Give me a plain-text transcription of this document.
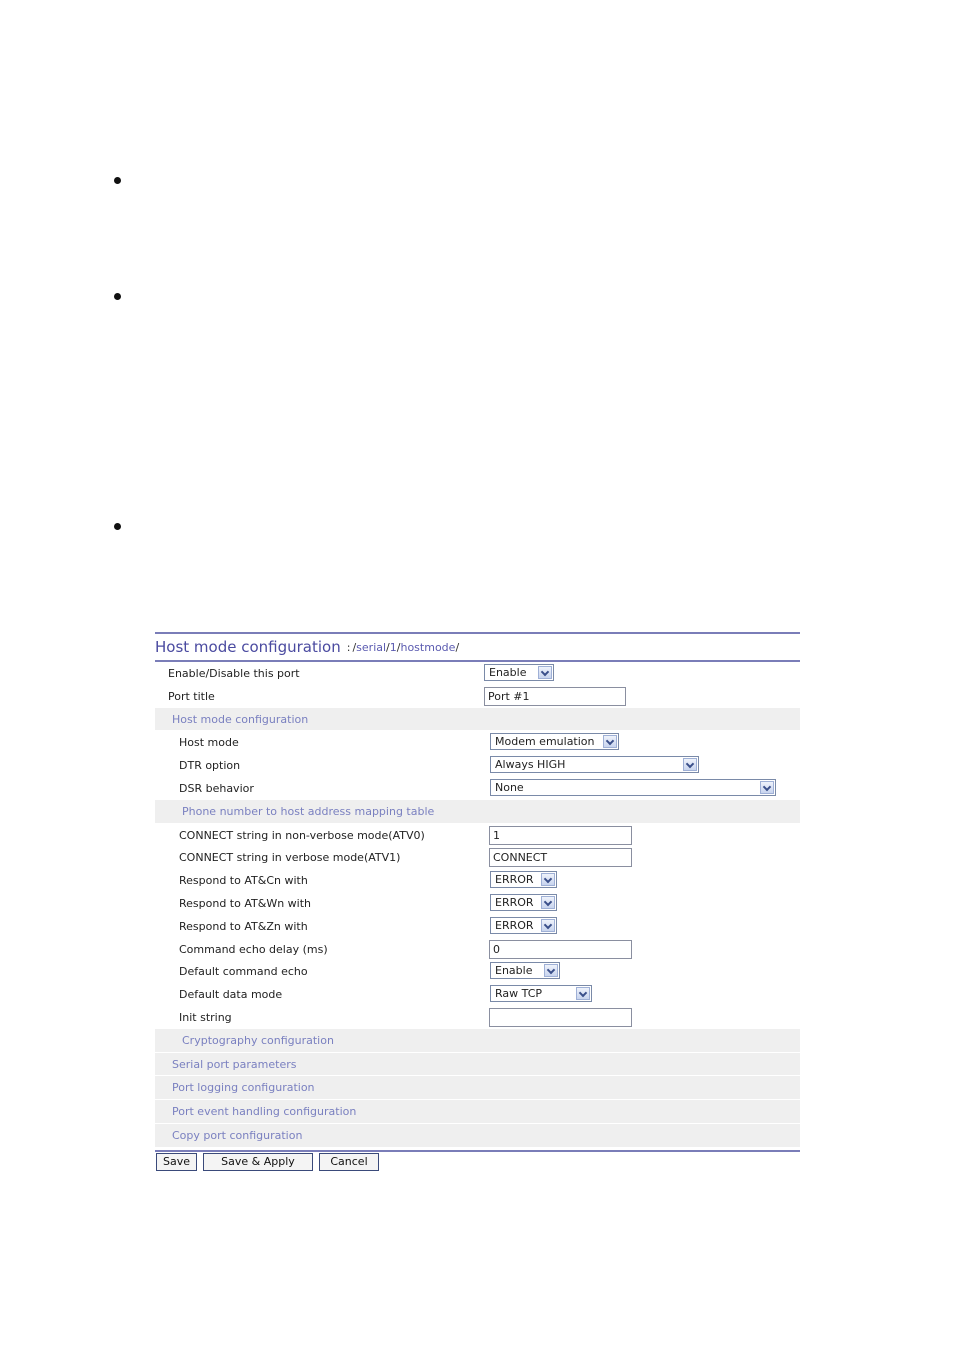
Host mode configuration : / serial / 1 / hostmode /
Enable/Disable this port	Enable
Port title	Port #1
Host mode configuration
Host mode	Modem emulation
DTR option	Always HIGH
DSR behavior	None
Phone number to host address mapping table
CONNECT string in non-verbose mode(ATV0)	1
CONNECT string in verbose mode(ATV1)	CONNECT
Respond to AT&Cn with	ERROR
Respond to AT&Wn with	ERROR
Respond to AT&Zn with	ERROR
Command echo delay (ms)	0
Default command echo	Enable
Default data mode	Raw TCP
Init string
Cryptography configuration
Serial port parameters
Port logging configuration
Port event handling configuration
Copy port configuration
Save	Save & Apply	Cancel
